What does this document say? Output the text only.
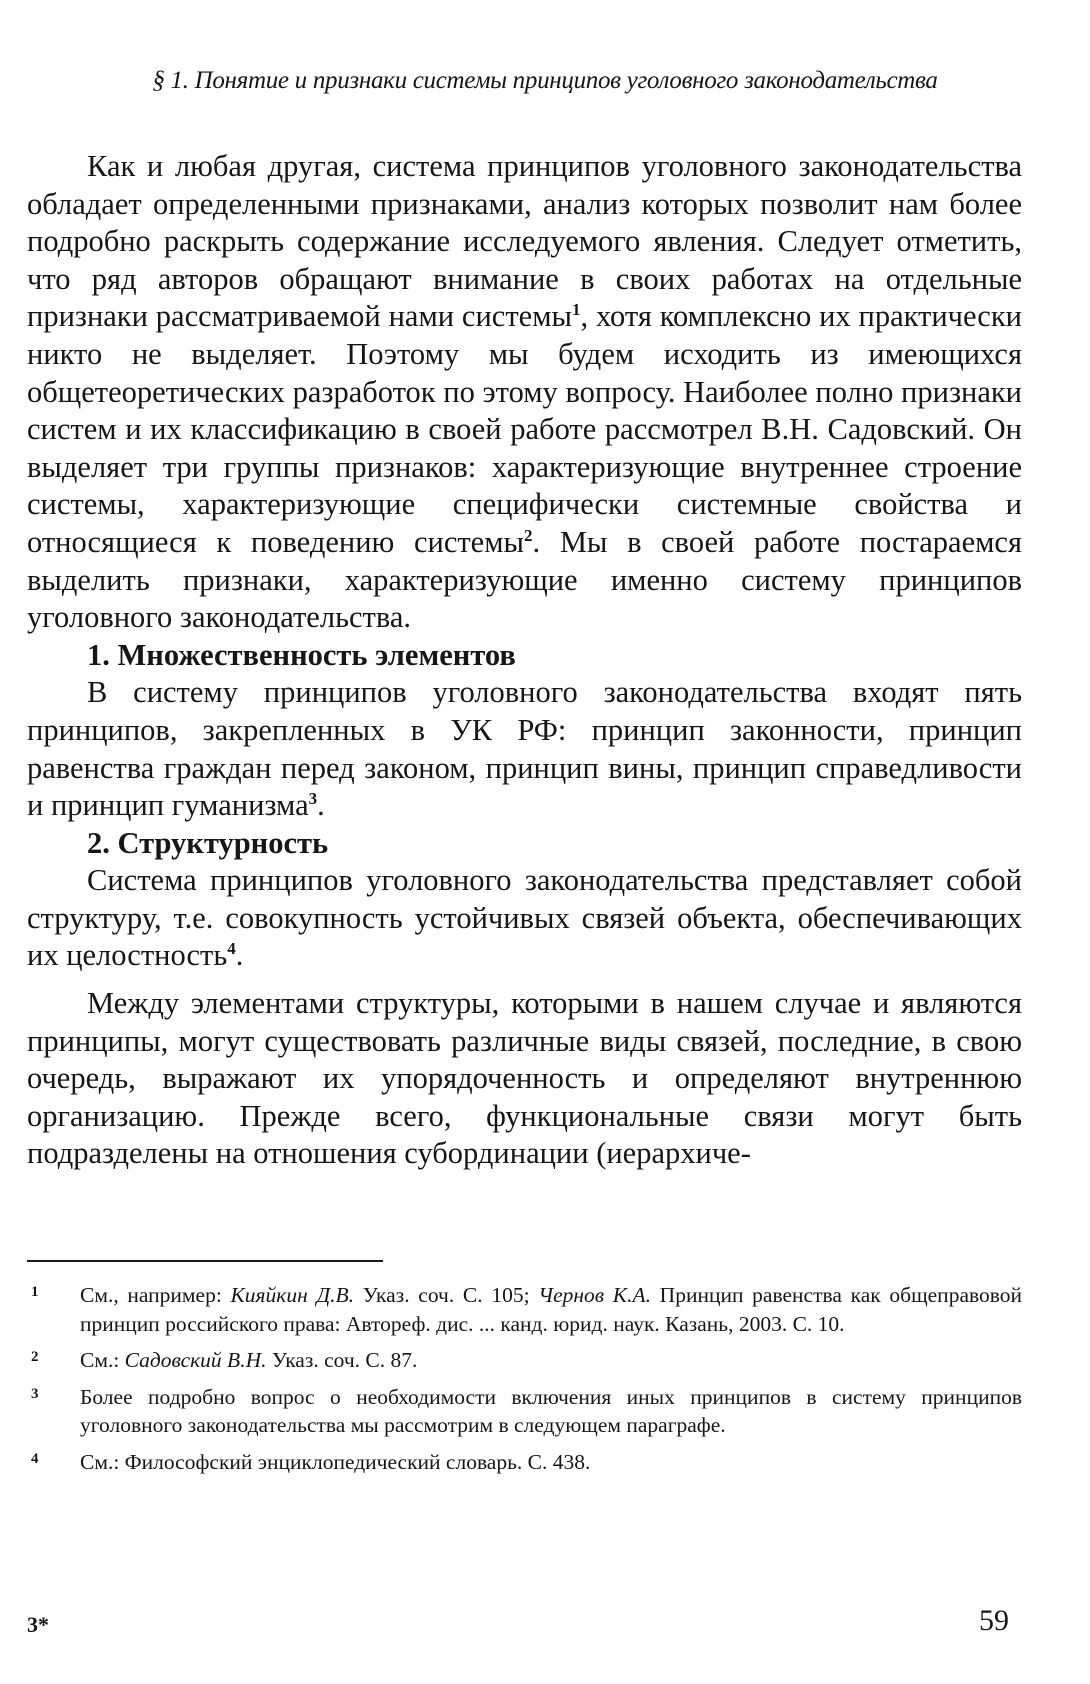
§ 1. Понятие и признаки системы принципов уголовного законодательства

Как и любая другая, система принципов уголовного законодательства обладает определенными признаками, анализ которых позволит нам более подробно раскрыть содержание исследуемого явления. Следует отметить, что ряд авторов обращают внимание в своих работах на отдельные признаки рассматриваемой нами системы$^1$, хотя комплексно их практически никто не выделяет. Поэтому мы будем исходить из имеющихся общетеоретических разработок по этому вопросу. Наиболее полно признаки систем и их классификацию в своей работе рассмотрел В.Н. Садовский. Он выделяет три группы признаков: характеризующие внутреннее строение системы, характеризующие специфически системные свойства и относящиеся к поведению системы$^2$. Мы в своей работе постараемся выделить признаки, характеризующие именно систему принципов уголовного законодательства.

1. Множественность элементов

В систему принципов уголовного законодательства входят пять принципов, закрепленных в УК РФ: принцип законности, принцип равенства граждан перед законом, принцип вины, принцип справедливости и принцип гуманизма$^3$.

2. Структурность

Система принципов уголовного законодательства представляет собой структуру, т.е. совокупность устойчивых связей объекта, обеспечивающих их целостность$^4$.

Между элементами структуры, которыми в нашем случае и являются принципы, могут существовать различные виды связей, последние, в свою очередь, выражают их упорядоченность и определяют внутреннюю организацию. Прежде всего, функциональные связи могут быть подразделены на отношения субординации (иерархиче-

1 См., например: Кияйкин Д.В. Указ. соч. С. 105; Чернов К.А. Принцип равенства как общеправовой принцип российского права: Автореф. дис. ... канд. юрид. наук. Казань, 2003. С. 10.
2 См.: Садовский В.Н. Указ. соч. С. 87.
3 Более подробно вопрос о необходимости включения иных принципов в систему принципов уголовного законодательства мы рассмотрим в следующем параграфе.
4 См.: Философский энциклопедический словарь. С. 438.
3*	59
